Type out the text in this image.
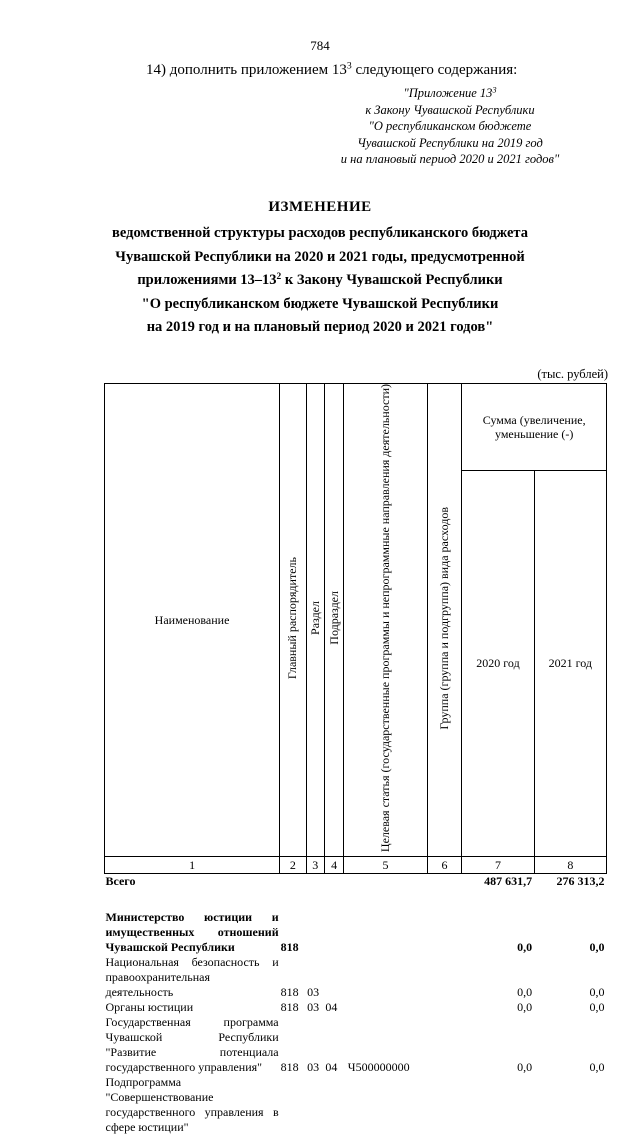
784
14) дополнить приложением $13^3$ следующего содержания:
"Приложение $13^3$
к Закону Чувашской Республики
"О республиканском бюджете
Чувашской Республики на 2019 год
и на плановый период 2020 и 2021 годов"
ИЗМЕНЕНИЕ
ведомственной структуры расходов республиканского бюджета
Чувашской Республики на 2020 и 2021 годы, предусмотренной
приложениями $13-13^2$ к Закону Чувашской Республики
"О республиканском бюджете Чувашской Республики
на 2019 год и на плановый период 2020 и 2021 годов"
(тыс. рублей)
Наименование	Главный распорядитель	Раздел	Подраздел	Целевая статья (государственные программы и непрограммные направления деятельности)	Группа (группа и подгруппа) вида расходов	Сумма (увеличение, уменьшение (-)	
						2020 год	2021 год
1	2	3	4	5	6	7	8
Всего						487 631,7	276 313,2

Министерство юстиции и имущественных отношений Чувашской Республики	818					0,0	0,0
Национальная безопасность и правоохранительная деятельность	818	03				0,0	0,0
Органы юстиции	818	03	04			0,0	0,0
Государственная программа Чувашской Республики "Развитие потенциала государственного управления"	818	03	04	Ч500000000		0,0	0,0
Подпрограмма "Совершенствование государственного управления в сфере юстиции"							
